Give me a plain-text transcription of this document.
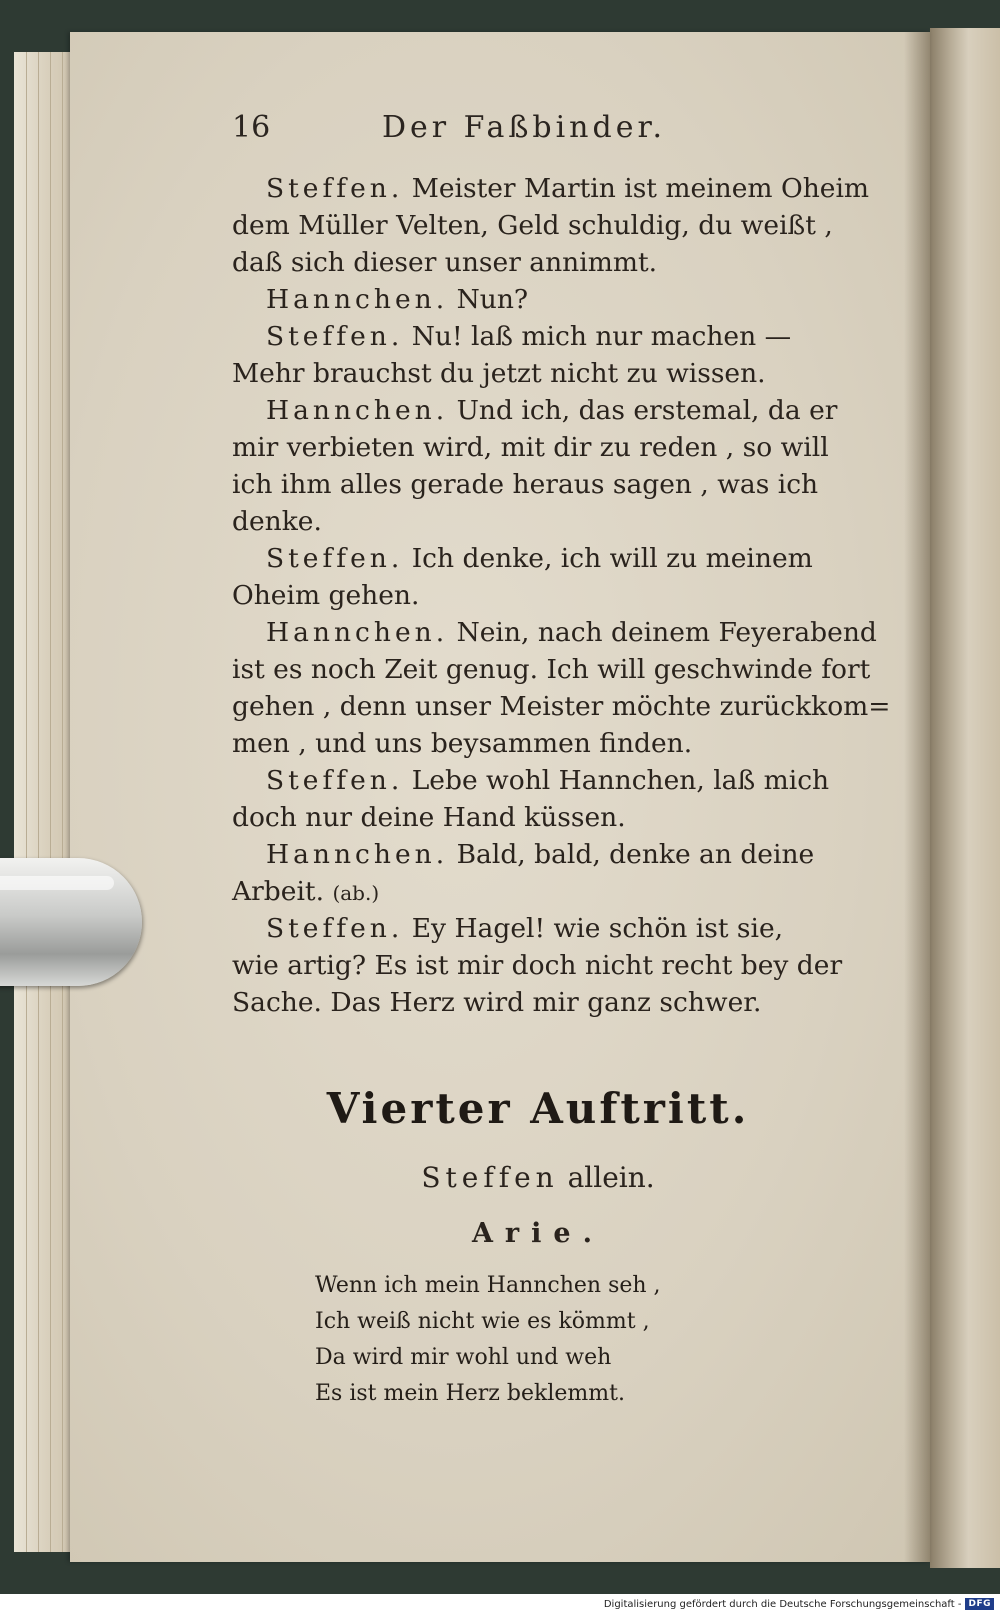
16	Der Faßbinder.
Steffen. Meister Martin ist meinem Oheim
dem Müller Velten, Geld schuldig, du weißt ,
daß sich dieser unser annimmt.
Hannchen. Nun?
Steffen. Nu! laß mich nur machen —
Mehr brauchst du jetzt nicht zu wissen.
Hannchen. Und ich, das erstemal, da er
mir verbieten wird, mit dir zu reden , so will
ich ihm alles gerade heraus sagen , was ich
denke.
Steffen. Ich denke, ich will zu meinem
Oheim gehen.
Hannchen. Nein, nach deinem Feyerabend
ist es noch Zeit genug. Ich will geschwinde fort
gehen , denn unser Meister möchte zurückkom=
men , und uns beysammen finden.
Steffen. Lebe wohl Hannchen, laß mich
doch nur deine Hand küssen.
Hannchen. Bald, bald, denke an deine
Arbeit. (ab.)
Steffen. Ey Hagel! wie schön ist sie,
wie artig? Es ist mir doch nicht recht bey der
Sache. Das Herz wird mir ganz schwer.
Vierter Auftritt.
Steffen allein.
Arie.
Wenn ich mein Hannchen seh ,
Ich weiß nicht wie es kömmt ,
Da wird mir wohl und weh
Es ist mein Herz beklemmt.
Digitalisierung gefördert durch die Deutsche Forschungsgemeinschaft - DFG
